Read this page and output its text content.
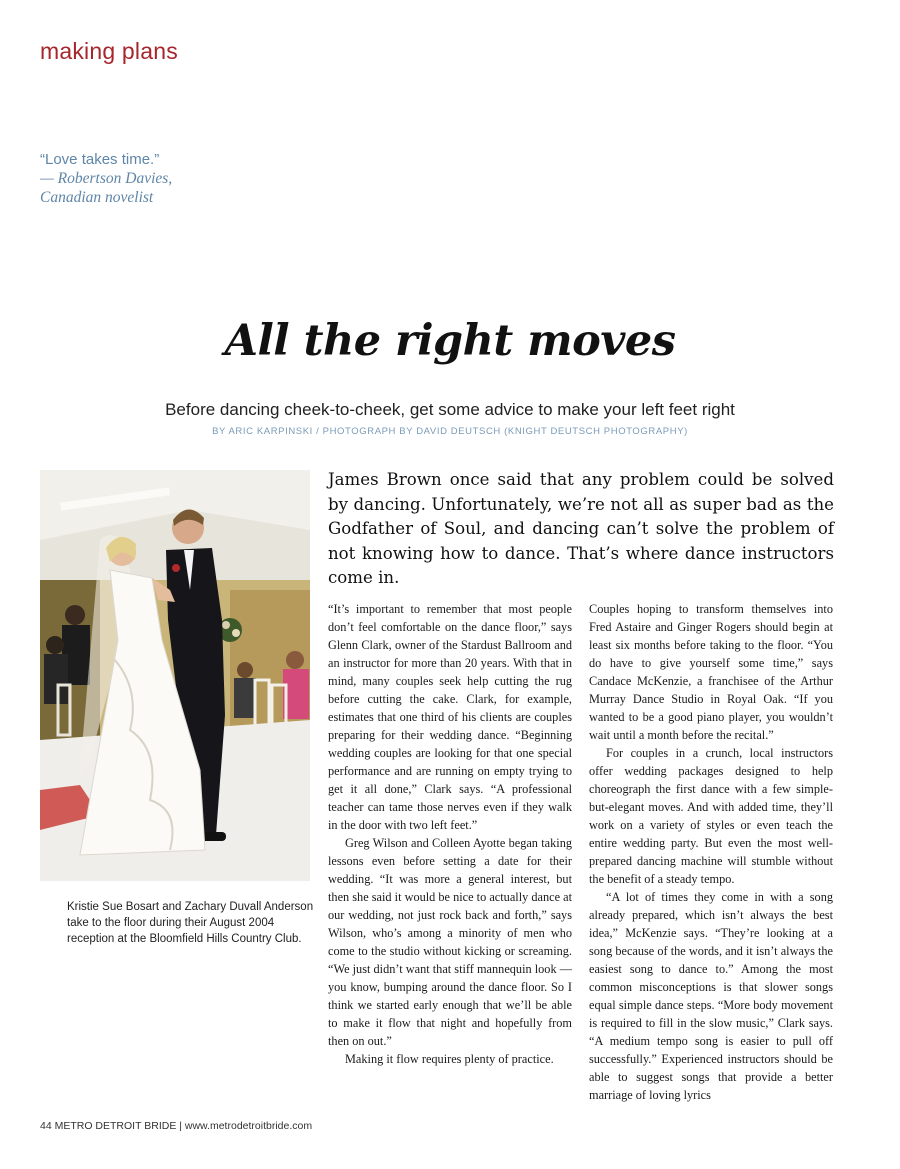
making plans
“Love takes time.”
— Robertson Davies,
Canadian novelist
All the right moves
Before dancing cheek-to-cheek, get some advice to make your left feet right
BY ARIC KARPINSKI / PHOTOGRAPH BY DAVID DEUTSCH (KNIGHT DEUTSCH PHOTOGRAPHY)
Kristie Sue Bosart and Zachary Duvall Anderson take to the floor during their August 2004 reception at the Bloomfield Hills Country Club.

James Brown once said that any problem could be solved by dancing. Unfortunately, we’re not all as super bad as the Godfather of Soul, and dancing can’t solve the problem of not knowing how to dance. That’s where dance instructors come in.

“It’s important to remember that most people don’t feel comfortable on the dance floor,” says Glenn Clark, owner of the Stardust Ballroom and an instructor for more than 20 years. With that in mind, many couples seek help cutting the rug before cutting the cake. Clark, for example, estimates that one third of his clients are couples preparing for their wedding dance. “Beginning wedding couples are looking for that one special performance and are running on empty trying to get it all done,” Clark says. “A professional teacher can tame those nerves even if they walk in the door with two left feet.”

Greg Wilson and Colleen Ayotte began taking lessons even before setting a date for their wedding. “It was more a general interest, but then she said it would be nice to actually dance at our wedding, not just rock back and forth,” says Wilson, who’s among a minority of men who come to the studio without kicking or screaming. “We just didn’t want that stiff mannequin look — you know, bumping around the dance floor. So I think we started early enough that we’ll be able to make it flow that night and hopefully from then on out.”

Making it flow requires plenty of practice.

Couples hoping to transform themselves into Fred Astaire and Ginger Rogers should begin at least six months before taking to the floor. “You do have to give yourself some time,” says Candace McKenzie, a franchisee of the Arthur Murray Dance Studio in Royal Oak. “If you wanted to be a good piano player, you wouldn’t wait until a month before the recital.”

For couples in a crunch, local instructors offer wedding packages designed to help choreograph the first dance with a few simple-but-elegant moves. And with added time, they’ll work on a variety of styles or even teach the entire wedding party. But even the most well-prepared dancing machine will stumble without the benefit of a steady tempo.

“A lot of times they come in with a song already prepared, which isn’t always the best idea,” McKenzie says. “They’re looking at a song because of the words, and it isn’t always the easiest song to dance to.” Among the most common misconceptions is that slower songs equal simple dance steps. “More body movement is required to fill in the slow music,” Clark says. “A medium tempo song is easier to pull off successfully.” Experienced instructors should be able to suggest songs that provide a better marriage of loving lyrics

44 METRO DETROIT BRIDE | www.metrodetroitbride.com
